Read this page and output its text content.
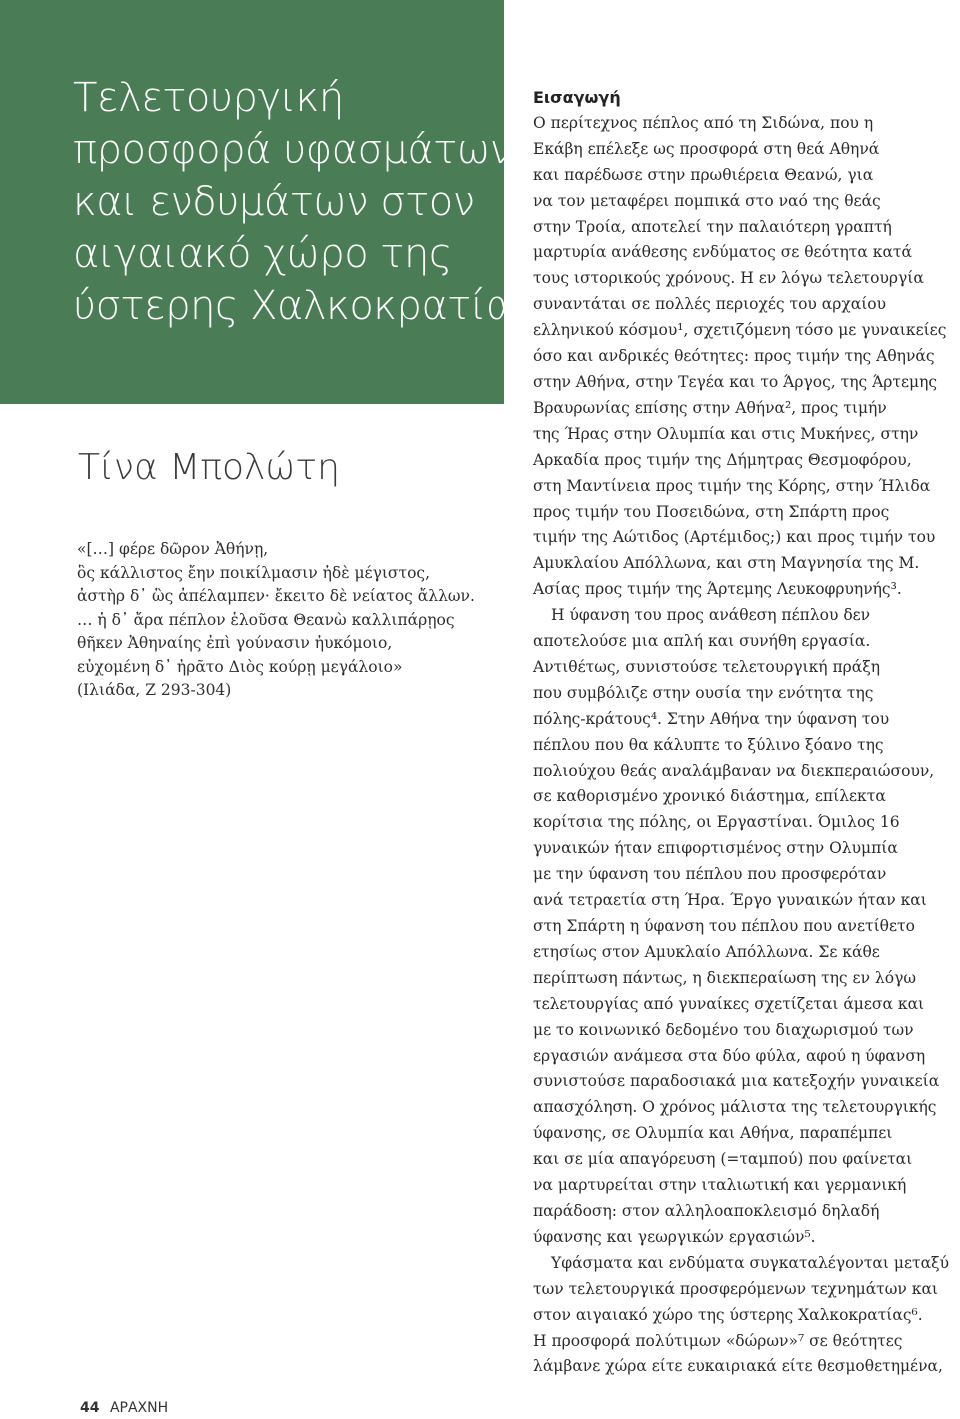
Τελετουργική
προσφορά υφασμάτων
και ενδυμάτων στον
αιγαιακό χώρο της
ύστερης Χαλκοκρατίας
Τίνα Μπολώτη
«[…] φέρε δῶρον Ἀθήνῃ,
ὃς κάλλιστος ἔην ποικίλμασιν ἠδὲ μέγιστος,
ἀστὴρ δ᾽ ὣς ἀπέλαμπεν· ἔκειτο δὲ νείατος ἄλλων.
… ἡ δ᾽ ἄρα πέπλον ἑλοῦσα Θεανὼ καλλιπάρῃος
θῆκεν Ἀθηναίης ἐπὶ γούνασιν ἠυκόμοιο,
εὐχομένη δ᾽ ἠρᾶτο Διὸς κούρῃ μεγάλοιο»
(Ιλιάδα, Ζ 293-304)
Εισαγωγή
Ο περίτεχνος πέπλος από τη Σιδώνα, που η
Εκάβη επέλεξε ως προσφορά στη θεά Αθηνά
και παρέδωσε στην πρωθιέρεια Θεανώ, για
να τον μεταφέρει πομπικά στο ναό της θεάς
στην Τροία, αποτελεί την παλαιότερη γραπτή
μαρτυρία ανάθεσης ενδύματος σε θεότητα κατά
τους ιστορικούς χρόνους. Η εν λόγω τελετουργία
συναντάται σε πολλές περιοχές του αρχαίου
ελληνικού κόσμου¹, σχετιζόμενη τόσο με γυναικείες
όσο και ανδρικές θεότητες: προς τιμήν της Αθηνάς
στην Αθήνα, στην Τεγέα και το Άργος, της Άρτεμης
Βραυρωνίας επίσης στην Αθήνα², προς τιμήν
της Ήρας στην Ολυμπία και στις Μυκήνες, στην
Αρκαδία προς τιμήν της Δήμητρας Θεσμοφόρου,
στη Μαντίνεια προς τιμήν της Κόρης, στην Ήλιδα
προς τιμήν του Ποσειδώνα, στη Σπάρτη προς
τιμήν της Αώτιδος (Αρτέμιδος;) και προς τιμήν του
Αμυκλαίου Απόλλωνα, και στη Μαγνησία της Μ.
Ασίας προς τιμήν της Άρτεμης Λευκοφρυηνής³.
Η ύφανση του προς ανάθεση πέπλου δεν
αποτελούσε μια απλή και συνήθη εργασία.
Αντιθέτως, συνιστούσε τελετουργική πράξη
που συμβόλιζε στην ουσία την ενότητα της
πόλης-κράτους⁴. Στην Αθήνα την ύφανση του
πέπλου που θα κάλυπτε το ξύλινο ξόανο της
πολιούχου θεάς αναλάμβαναν να διεκπεραιώσουν,
σε καθορισμένο χρονικό διάστημα, επίλεκτα
κορίτσια της πόλης, οι Εργαστίναι. Όμιλος 16
γυναικών ήταν επιφορτισμένος στην Ολυμπία
με την ύφανση του πέπλου που προσφερόταν
ανά τετραετία στη Ήρα. Έργο γυναικών ήταν και
στη Σπάρτη η ύφανση του πέπλου που ανετίθετο
ετησίως στον Αμυκλαίο Απόλλωνα. Σε κάθε
περίπτωση πάντως, η διεκπεραίωση της εν λόγω
τελετουργίας από γυναίκες σχετίζεται άμεσα και
με το κοινωνικό δεδομένο του διαχωρισμού των
εργασιών ανάμεσα στα δύο φύλα, αφού η ύφανση
συνιστούσε παραδοσιακά μια κατεξοχήν γυναικεία
απασχόληση. Ο χρόνος μάλιστα της τελετουργικής
ύφανσης, σε Ολυμπία και Αθήνα, παραπέμπει
και σε μία απαγόρευση (=ταμπού) που φαίνεται
να μαρτυρείται στην ιταλιωτική και γερμανική
παράδοση: στον αλληλοαποκλεισμό δηλαδή
ύφανσης και γεωργικών εργασιών⁵.
Υφάσματα και ενδύματα συγκαταλέγονται μεταξύ
των τελετουργικά προσφερόμενων τεχνημάτων και
στον αιγαιακό χώρο της ύστερης Χαλκοκρατίας⁶.
Η προσφορά πολύτιμων «δώρων»⁷ σε θεότητες
λάμβανε χώρα είτε ευκαιριακά είτε θεσμοθετημένα,
44 ΑΡΑΧΝΗ
